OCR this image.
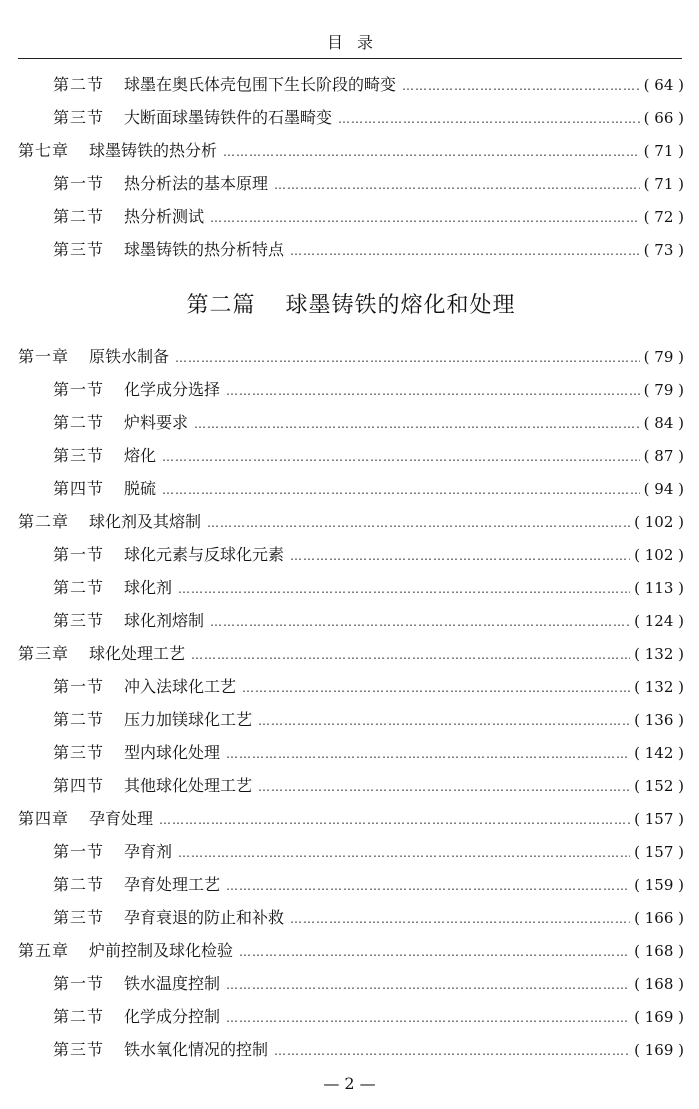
目录
第二节 球墨在奥氏体壳包围下生长阶段的畸变 …………………………………………………………………………………………………………………………………………………………………………………………	( 64 )
第三节 大断面球墨铸铁件的石墨畸变 …………………………………………………………………………………………………………………………………………………………………………………………	( 66 )
第七章 球墨铸铁的热分析 …………………………………………………………………………………………………………………………………………………………………………………………	( 71 )
第一节 热分析法的基本原理 …………………………………………………………………………………………………………………………………………………………………………………………	( 71 )
第二节 热分析测试 …………………………………………………………………………………………………………………………………………………………………………………………	( 72 )
第三节 球墨铸铁的热分析特点 …………………………………………………………………………………………………………………………………………………………………………………………	( 73 )
第二篇 球墨铸铁的熔化和处理
第一章 原铁水制备 …………………………………………………………………………………………………………………………………………………………………………………………	( 79 )
第一节 化学成分选择 …………………………………………………………………………………………………………………………………………………………………………………………	( 79 )
第二节 炉料要求 …………………………………………………………………………………………………………………………………………………………………………………………	( 84 )
第三节 熔化 …………………………………………………………………………………………………………………………………………………………………………………………	( 87 )
第四节 脱硫 …………………………………………………………………………………………………………………………………………………………………………………………	( 94 )
第二章 球化剂及其熔制 …………………………………………………………………………………………………………………………………………………………………………………………	( 102 )
第一节 球化元素与反球化元素 …………………………………………………………………………………………………………………………………………………………………………………………	( 102 )
第二节 球化剂 …………………………………………………………………………………………………………………………………………………………………………………………	( 113 )
第三节 球化剂熔制 …………………………………………………………………………………………………………………………………………………………………………………………	( 124 )
第三章 球化处理工艺 …………………………………………………………………………………………………………………………………………………………………………………………	( 132 )
第一节 冲入法球化工艺 …………………………………………………………………………………………………………………………………………………………………………………………	( 132 )
第二节 压力加镁球化工艺 …………………………………………………………………………………………………………………………………………………………………………………………	( 136 )
第三节 型内球化处理 …………………………………………………………………………………………………………………………………………………………………………………………	( 142 )
第四节 其他球化处理工艺 …………………………………………………………………………………………………………………………………………………………………………………………	( 152 )
第四章 孕育处理 …………………………………………………………………………………………………………………………………………………………………………………………	( 157 )
第一节 孕育剂 …………………………………………………………………………………………………………………………………………………………………………………………	( 157 )
第二节 孕育处理工艺 …………………………………………………………………………………………………………………………………………………………………………………………	( 159 )
第三节 孕育衰退的防止和补救 …………………………………………………………………………………………………………………………………………………………………………………………	( 166 )
第五章 炉前控制及球化检验 …………………………………………………………………………………………………………………………………………………………………………………………	( 168 )
第一节 铁水温度控制 …………………………………………………………………………………………………………………………………………………………………………………………	( 168 )
第二节 化学成分控制 …………………………………………………………………………………………………………………………………………………………………………………………	( 169 )
第三节 铁水氧化情况的控制 …………………………………………………………………………………………………………………………………………………………………………………………	( 169 )
— 2 —
